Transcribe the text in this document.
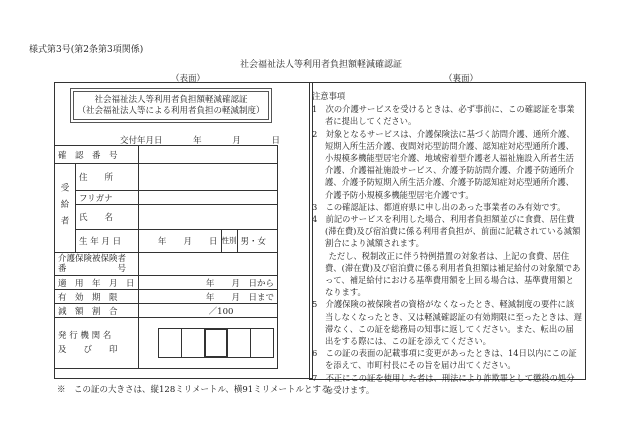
様式第3号(第2条第3項関係)
社会福祉法人等利用者負担額軽減確認証
（表面）	（裏面）
社会福祉法人等利用者負担額軽減確認証
（社会福祉法人等による利用者負担の軽減制度）
交付年月日	年	月	日
確　認　番　号				

受給者	住　　所			
	フリガナ			
	氏　　名			
	生 年 月 日	年　　 月　　 日	性別	男・女

介護保険被保険者
番　　　　　　号				

適　用　年　月　日		年　　 月　 日から		
有　効　期　限		年　　 月　 日まで		
減　額　割　合		／100		

発 行 機 関 名
及　　び　　印				

※　この証の大きさは、縦128ミリメートル、横91ミリメートルとする。
注意事項

1　次の介護サービスを受けるときは、必ず事前に、この確認証を事業者に提出してください。

2　対象となるサービスは、介護保険法に基づく訪問介護、通所介護、短期入所生活介護、夜間対応型訪問介護、認知症対応型通所介護、小規模多機能型居宅介護、地域密着型介護老人福祉施設入所者生活介護、介護福祉施設サービス、介護予防訪問介護、介護予防通所介護、介護予防短期入所生活介護、介護予防認知症対応型通所介護、介護予防小規模多機能型居宅介護です。

3　この確認証は、都道府県に申し出のあった事業者のみ有効です。

4　前記のサービスを利用した場合、利用者負担額並びに食費、居住費(滞在費)及び宿泊費に係る利用者負担が、前面に記載されている減額割合により減額されます。

　　ただし、税制改正に伴う特例措置の対象者は、上記の食費、居住費、(滞在費)及び宿泊費に係る利用者負担額は補足給付の対象額であって、補足給付における基準費用額を上回る場合は、基準費用額となります。

5　介護保険の被保険者の資格がなくなったとき、軽減制度の要件に該当しなくなったとき、又は軽減確認証の有効期限に至ったときは、遅滞なく、この証を総務局の知事に返してください。また、転出の届出をする際には、この証を添えてください。

6　この証の表面の記載事項に変更があったときは、14日以内にこの証を添えて、市町村長にその旨を届け出てください。

7　不正にこの証を使用した者は、刑法により詐欺罪として懲役の処分を受けます。
